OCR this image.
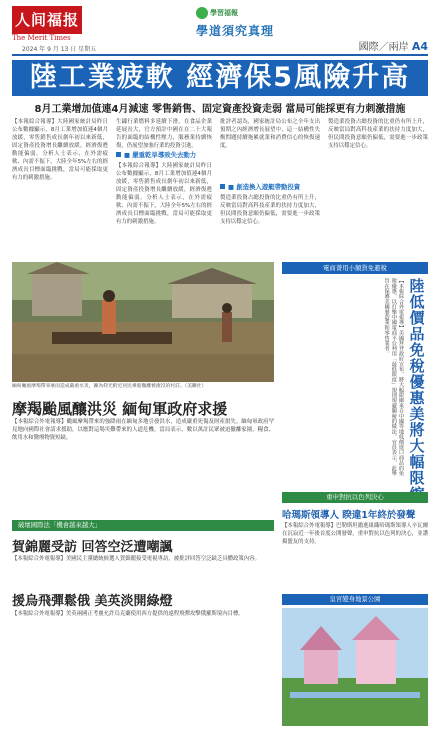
人间福报
The Merit Times
2024 年 9 月 13 日 星期五
學習福報
學道須究真理
國際／兩岸 A4
陸工業疲軟 經濟保5風險升高
8月工業增加值連4月減速 零售銷售、固定資產投資走弱 當局可能採更有力刺激措施

【本報綜合報導】大陸國家統計局昨日公布數據顯示，8月工業增加值連4個月放緩，零售銷售成長創年初以來新低，固定資產投資增長繼續放緩，經濟復甦動能偏弱。分析人士表示，在外需疲軟、內需不振下，大陸全年5%左右的經濟成長目標面臨挑戰，當局可能採取更有力的刺激措施。

生鏽行業燃料多延續下滑，在食品企業延展長大，官方預計中國在在二十大報告的面臨的結構性壓力，服務業持續恢復，仍展望加強行業的投資引進。

■ 嚴重乾旱導致失去動力

【本報綜合報導】大陸國家統計局昨日公布數據顯示，8月工業增加值連4個月放緩，零售銷售成長創年初以來新低，固定資產投資增長繼續放緩，經濟復甦動能偏弱。分析人士表示，在外需疲軟、內需不振下，大陸全年5%左右的經濟成長目標面臨挑戰，當局可能採取更有力的刺激措施。

批評者認為，國家統計局公布之全年支出預期之內經濟增長展望中，這一結構性失衡問題持續拖累就業和消費信心的恢復速度。

■ 創造換入遊艇帶動投資

製造業投資占總投資的比重仍有所上升，反映當局對高科技產業的扶持力度加大，但民間投資意願仍偏低，需要進一步政策支持以穩定信心。

製造業投資占總投資的比重仍有所上升，反映當局對高科技產業的扶持力度加大，但民間投資意願仍偏低，需要進一步政策支持以穩定信心。

緬甸颱風摩羯帶來豪雨造成嚴重水災，圖為仰光附近居民乘船撤離被淹沒的村莊。（美聯社）
摩羯颱風釀洪災 緬甸軍政府求援

【本報綜合外電報導】颱風摩羯帶來的強降雨在緬甸多地引發洪水，造成嚴重死傷及財產損失。緬甸軍政府罕見地向國際社會請求援助，以應對這場災難帶來的人道危機。當局表示，數以萬計民眾被迫撤離家園，糧食、飲用水和醫療物資短缺。

電商薈用小額貨免避稅
陸低價品免稅優惠 美將大幅限
【本報綜合外電報導】美國拜登政府宣布，將大幅限縮來自中國等地低價進口商品的免稅優惠，以打擊中國電商平台利用「最低限度」規則規避關稅的做法。官員表示，此舉旨在保護美國製造業和零售業者。
重申對抗以色列決心
哈瑪斯領導人 睽違1年終於發聲

【本報綜合外電報導】巴勒斯坦激進組織哈瑪斯領導人辛瓦爾在沉寂近一年後首度公開發聲，重申對抗以色列的決心，並讚揚盟友的支持。

皇宮變身地景公園
破壞國際法「機會越來越大」
賀錦麗受訪 回答空泛遭嘲諷

【本報綜合外電報導】美國民主黨總統候選人賀錦麗接受電視專訪，被批評回答空泛缺乏具體政策內容。

援烏飛彈鬆俄 美英淡開綠燈

【本報綜合外電報導】美英兩國正考慮允許烏克蘭使用西方提供的遠程飛彈攻擊俄羅斯境內目標。
